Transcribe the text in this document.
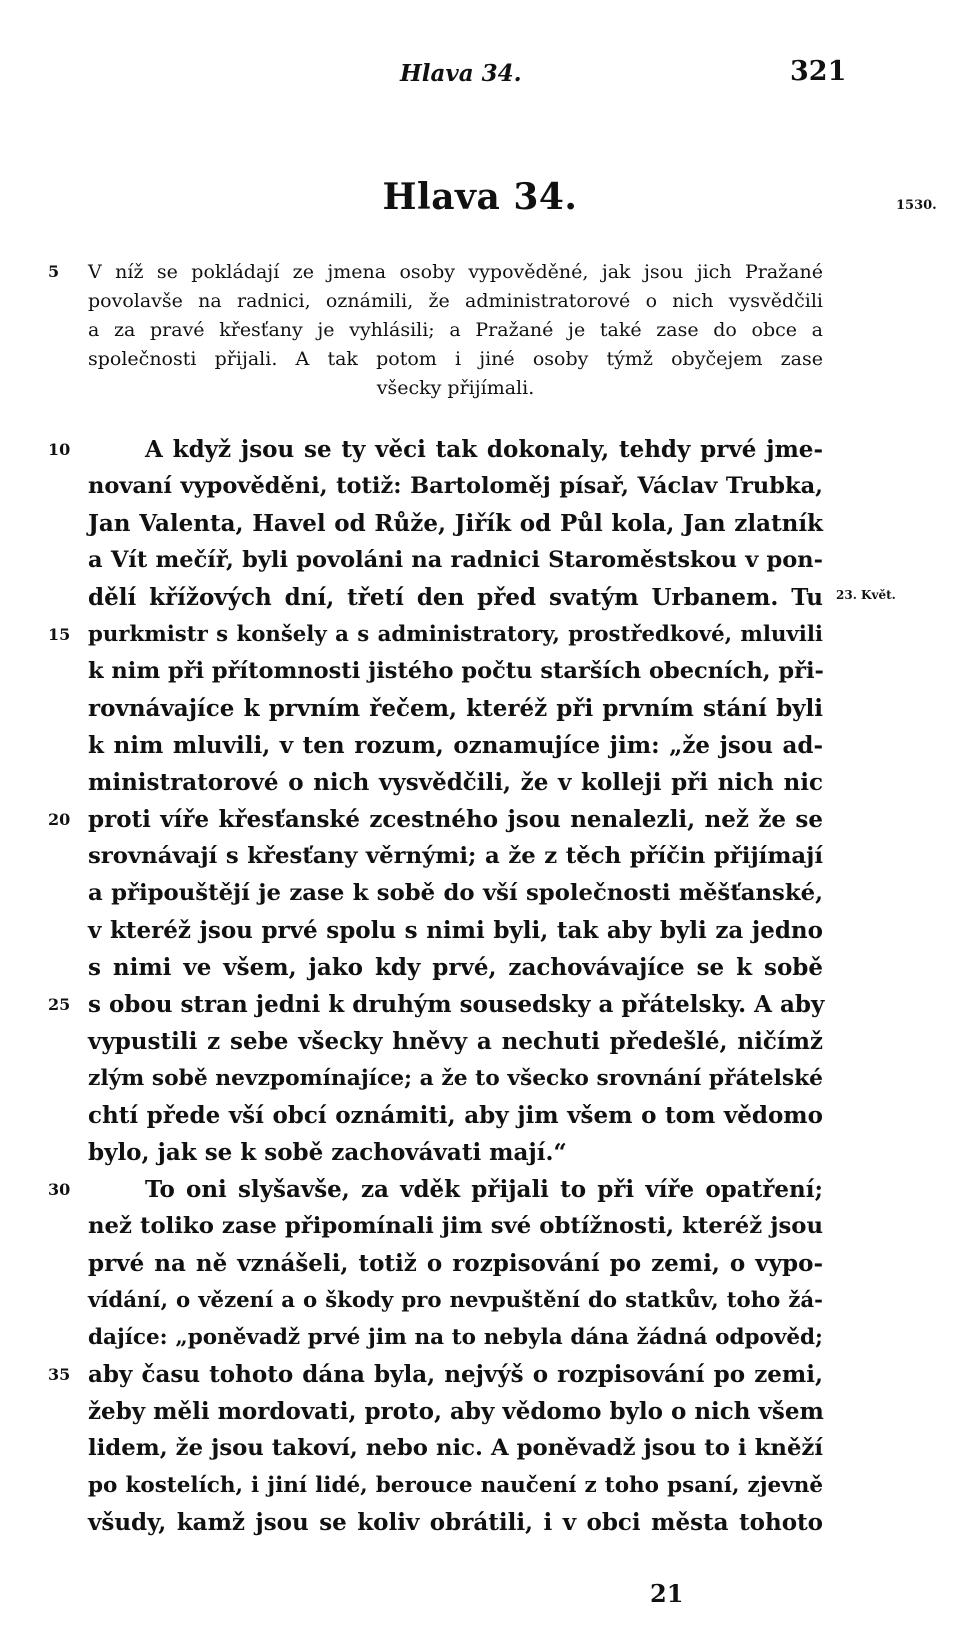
Hlava 34.	321
Hlava 34.	1530.
5	V níž se pokládají ze jmena osoby vypověděné, jak jsou jich Pražané
povolavše na radnici, oznámili, že administratorové o nich vysvědčili
a za pravé křesťany je vyhlásili; a Pražané je také zase do obce a
společnosti přijali. A tak potom i jiné osoby týmž obyčejem zase
všecky přijímali.
10
15
20
25
30
35
23. Květ.
A když jsou se ty věci tak dokonaly, tehdy prvé jme-
novaní vypověděni, totiž: Bartoloměj písař, Václav Trubka,
Jan Valenta, Havel od Růže, Jiřík od Půl kola, Jan zlatník
a Vít mečíř, byli povoláni na radnici Staroměstskou v pon-
dělí křížových dní, třetí den před svatým Urbanem. Tu
purkmistr s konšely a s administratory, prostředkové, mluvili
k nim při přítomnosti jistého počtu starších obecních, při-
rovnávajíce k prvním řečem, kteréž při prvním stání byli
k nim mluvili, v ten rozum, oznamujíce jim: „že jsou ad-
ministratorové o nich vysvědčili, že v kolleji při nich nic
proti víře křesťanské zcestného jsou nenalezli, než že se
srovnávají s křesťany věrnými; a že z těch příčin přijímají
a připouštějí je zase k sobě do vší společnosti měšťanské,
v kteréž jsou prvé spolu s nimi byli, tak aby byli za jedno
s nimi ve všem, jako kdy prvé, zachovávajíce se k sobě
s obou stran jedni k druhým sousedsky a přátelsky. A aby
vypustili z sebe všecky hněvy a nechuti předešlé, ničímž
zlým sobě nevzpomínajíce; a že to všecko srovnání přátelské
chtí přede vší obcí oznámiti, aby jim všem o tom vědomo
bylo, jak se k sobě zachovávati mají.“
To oni slyšavše, za vděk přijali to při víře opatření;
než toliko zase připomínali jim své obtížnosti, kteréž jsou
prvé na ně vznášeli, totiž o rozpisování po zemi, o vypo-
vídání, o vězení a o škody pro nevpuštění do statkův, toho žá-
dajíce: „poněvadž prvé jim na to nebyla dána žádná odpověd;
aby času tohoto dána byla, nejvýš o rozpisování po zemi,
žeby měli mordovati, proto, aby vědomo bylo o nich všem
lidem, že jsou takoví, nebo nic. A poněvadž jsou to i kněží
po kostelích, i jiní lidé, berouce naučení z toho psaní, zjevně
všudy, kamž jsou se koliv obrátili, i v obci města tohoto
21
